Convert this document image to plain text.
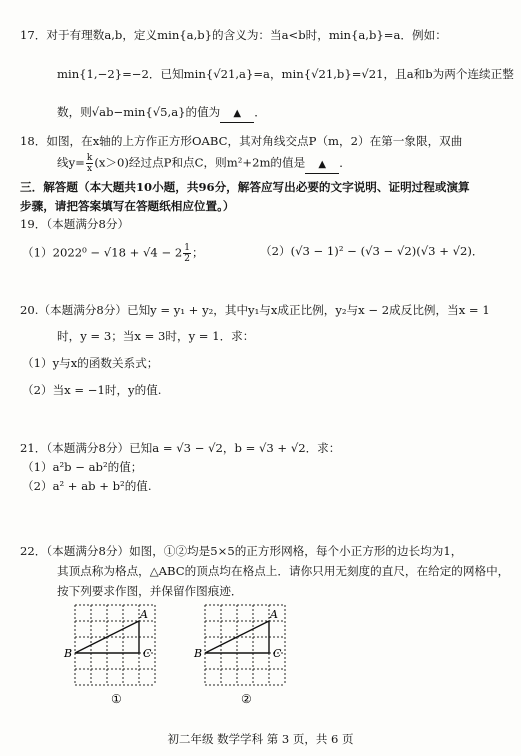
17．对于有理数a,b，定义min{a,b}的含义为：当a<b时，min{a,b}=a．例如：
min{1,−2}=−2．已知min{√21,a}=a，min{√21,b}=√21，且a和b为两个连续正整
数，则√ab−min{√5,a}的值为 ▲ ．
18．如图，在x轴的上方作正方形OABC，其对角线交点P（m，2）在第一象限，双曲
线$y= \frac{k}{x} (x>0)$经过点P和点C，则m²+2m的值是 ▲ ．
三．解答题（本大题共10小题，共96分，解答应写出必要的文字说明、证明过程或演算
步骤，请把答案填写在答题纸相应位置。）
19．（本题满分8分）
$(1)2022^0 - √18 + √4 - 2 \frac{1}{2}$ ；	（2）(√3 − 1)² − (√3 − √2)(√3 + √2)．
20.（本题满分8分）已知y = y₁ + y₂，其中y₁与x成正比例，y₂与x − 2成反比例，当x = 1
时，y = 3；当x = 3时，y = 1．求：
（1）y与x的函数关系式；
（2）当x = −1时，y的值.
21．（本题满分8分）已知a = √3 − √2，b = √3 + √2．求：
（1）a²b − ab²的值；
（2）a² + ab + b²的值.
22．（本题满分8分）如图，①②均是5×5的正方形网格，每个小正方形的边长均为1，
其顶点称为格点，△ABC的顶点均在格点上．请你只用无刻度的直尺，在给定的网格中，
按下列要求作图，并保留作图痕迹．
A
B	C
①
A
B	C
②
初二年级 数学学科 第 3 页，共 6 页
